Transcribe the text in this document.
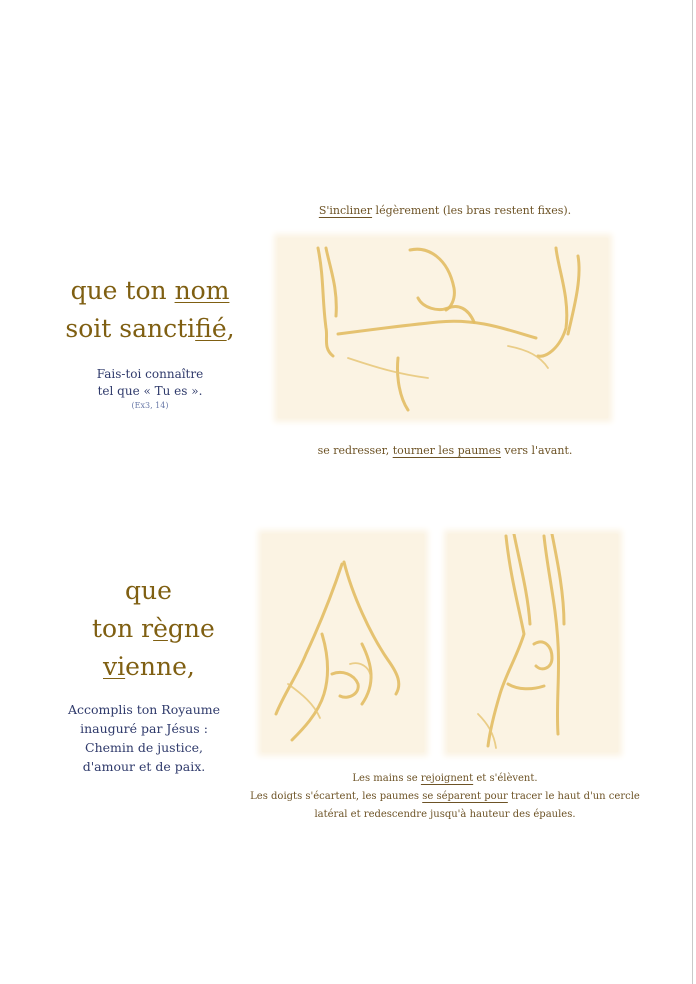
S'incliner légèrement (les bras restent fixes).
que ton nom
soit sanctifié,
Fais-toi connaître
tel que « Tu es ».
(Ex3, 14)
se redresser, tourner les paumes vers l'avant.
que
ton règne
vienne,
Accomplis ton Royaume
inauguré par Jésus :
Chemin de justice,
d'amour et de paix.
Les mains se rejoignent et s'élèvent.
Les doigts s'écartent, les paumes se séparent pour tracer le haut d'un cercle
latéral et redescendre jusqu'à hauteur des épaules.
